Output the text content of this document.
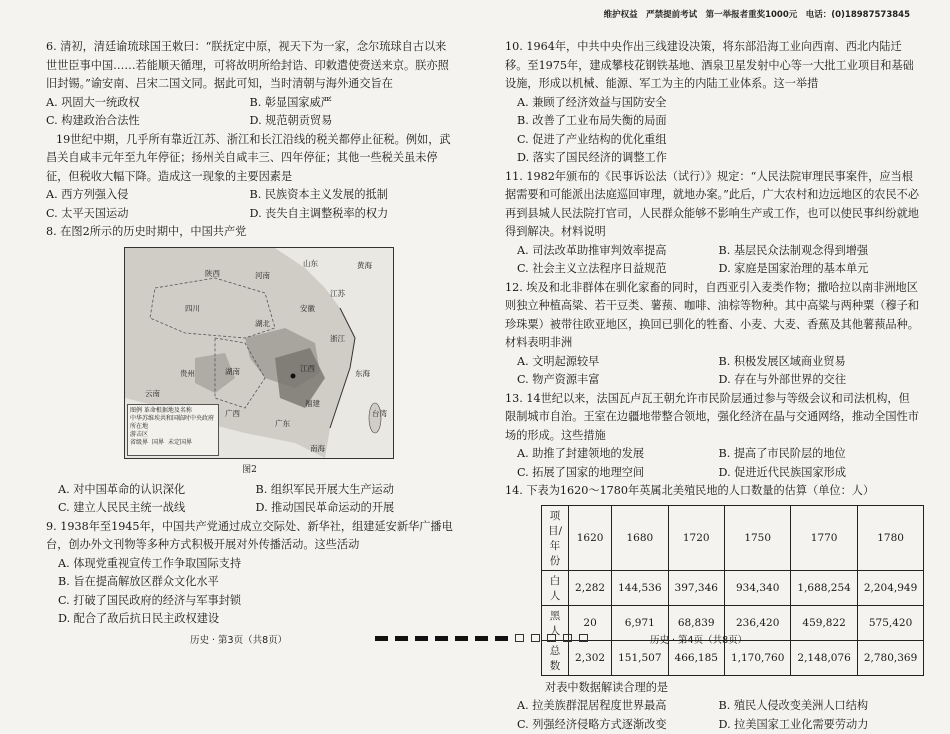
维护权益　严禁提前考试　第一举报者重奖1000元　电话：(0)18987573845

6. 清初，清廷谕琉球国王敕曰：“朕抚定中原，视天下为一家，念尔琉球自古以来世世臣事中国……若能顺天循理，可将故明所给封诰、印敕遣使赍送来京。朕亦照旧封锡。”谕安南、吕宋二国文同。据此可知，当时清朝与海外通交旨在

A. 巩固大一统政权	B. 彰显国家威严
C. 构建政治合法性	D. 规范朝贡贸易

19世纪中期，几乎所有靠近江苏、浙江和长江沿线的税关都停止征税。例如，武昌关自咸丰元年至九年停征；扬州关自咸丰三、四年停征；其他一些税关虽未停征，但税收大幅下降。造成这一现象的主要因素是

A. 西方列强入侵	B. 民族资本主义发展的抵制
C. 太平天国运动	D. 丧失自主调整税率的权力

8. 在图2所示的历史时期中，中国共产党

陕西	河南
山东	黄海
四川	安徽
江苏
湖北
浙江
湖南	江西
贵州
福建
广西
广东
东海
南海
台湾
云南
图例 革命根据地及名称
中华苏维埃共和国临时中央政府所在地
游击区
省级界 国界 未定国界
图2
A. 对中国革命的认识深化	B. 组织军民开展大生产运动
C. 建立人民民主统一战线	D. 推动国民革命运动的开展

9. 1938年至1945年，中国共产党通过成立交际处、新华社，组建延安新华广播电台，创办外文刊物等多种方式积极开展对外传播活动。这些活动

A. 体现党重视宣传工作争取国际支持
B. 旨在提高解放区群众文化水平
C. 打破了国民政府的经济与军事封锁
D. 配合了敌后抗日民主政权建设

10. 1964年，中共中央作出三线建设决策，将东部沿海工业向西南、西北内陆迁移。至1975年，建成攀枝花钢铁基地、酒泉卫星发射中心等一大批工业项目和基础设施，形成以机械、能源、军工为主的内陆工业体系。这一举措

A. 兼顾了经济效益与国防安全
B. 改善了工业布局失衡的局面
C. 促进了产业结构的优化重组
D. 落实了国民经济的调整工作

11. 1982年颁布的《民事诉讼法（试行）》规定：“人民法院审理民事案件，应当根据需要和可能派出法庭巡回审理，就地办案。”此后，广大农村和边远地区的农民不必再到县城人民法院打官司，人民群众能够不影响生产或工作，也可以使民事纠纷就地得到解决。材料说明

A. 司法改革助推审判效率提高	B. 基层民众法制观念得到增强
C. 社会主义立法程序日益规范	D. 家庭是国家治理的基本单元

12. 埃及和北非群体在驯化家畜的同时，自西亚引入麦类作物；撒哈拉以南非洲地区则独立种植高粱、若干豆类、薯蓣、咖啡、油棕等物种。其中高粱与两种粟（穆子和珍珠粟）被带往欧亚地区，换回已驯化的牲畜、小麦、大麦、香蕉及其他薯蓣品种。材料表明非洲

A. 文明起源较早	B. 积极发展区域商业贸易
C. 物产资源丰富	D. 存在与外部世界的交往

13. 14世纪以来，法国瓦卢瓦王朝允许市民阶层通过参与等级会议和司法机构，但限制城市自治。王室在边疆地带整合领地，强化经济在晶与交通网络，推动全国性市场的形成。这些措施

A. 助推了封建领地的发展	B. 提高了市民阶层的地位
C. 拓展了国家的地理空间	D. 促进近代民族国家形成

14. 下表为1620～1780年英属北美殖民地的人口数量的估算（单位：人）

项目/年份	1620	1680	1720	1750	1770	1780
白人	2,282	144,536	397,346	934,340	1,688,254	2,204,949
黑人	20	6,971	68,839	236,420	459,822	575,420
总数	2,302	151,507	466,185	1,170,760	2,148,076	2,780,369

对表中数据解读合理的是

A. 拉美族群混居程度世界最高	B. 殖民人侵改变美洲人口结构
C. 列强经济侵略方式逐渐改变	D. 拉美国家工业化需要劳动力
历史 · 第3页（共8页）	历史 · 第4页（共8页）
